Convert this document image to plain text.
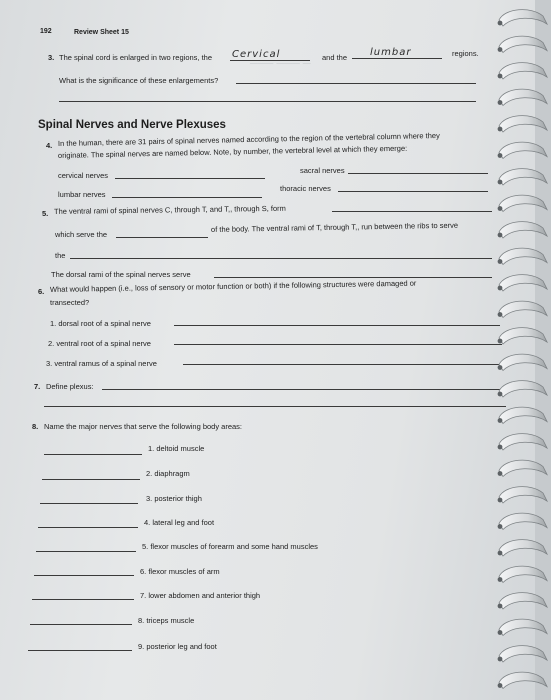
─ ─── ───
192	Review Sheet 15
3. The spinal cord is enlarged in two regions, the Cervical	and the lumbar	regions.
What is the significance of these enlargements?
Spinal Nerves and Nerve Plexuses
4. In the human, there are 31 pairs of spinal nerves named according to the region of the vertebral column where they
originate. The spinal nerves are named below. Note, by number, the vertebral level at which they emerge:
sacral nerves
cervical nerves
thoracic nerves
lumbar nerves
5. The ventral rami of spinal nerves C, through T, and T,, through S, form
which serve the
of the body. The ventral rami of T, through T,, run between the ribs to serve
the
The dorsal rami of the spinal nerves serve
6. What would happen (i.e., loss of sensory or motor function or both) if the following structures were damaged or
transected?
1. dorsal root of a spinal nerve
2. ventral root of a spinal nerve
3. ventral ramus of a spinal nerve
7. Define plexus:
8. Name the major nerves that serve the following body areas:
1. deltoid muscle
2. diaphragm
3. posterior thigh
4. lateral leg and foot
5. flexor muscles of forearm and some hand muscles
6. flexor muscles of arm
7. lower abdomen and anterior thigh
8. triceps muscle
9. posterior leg and foot
